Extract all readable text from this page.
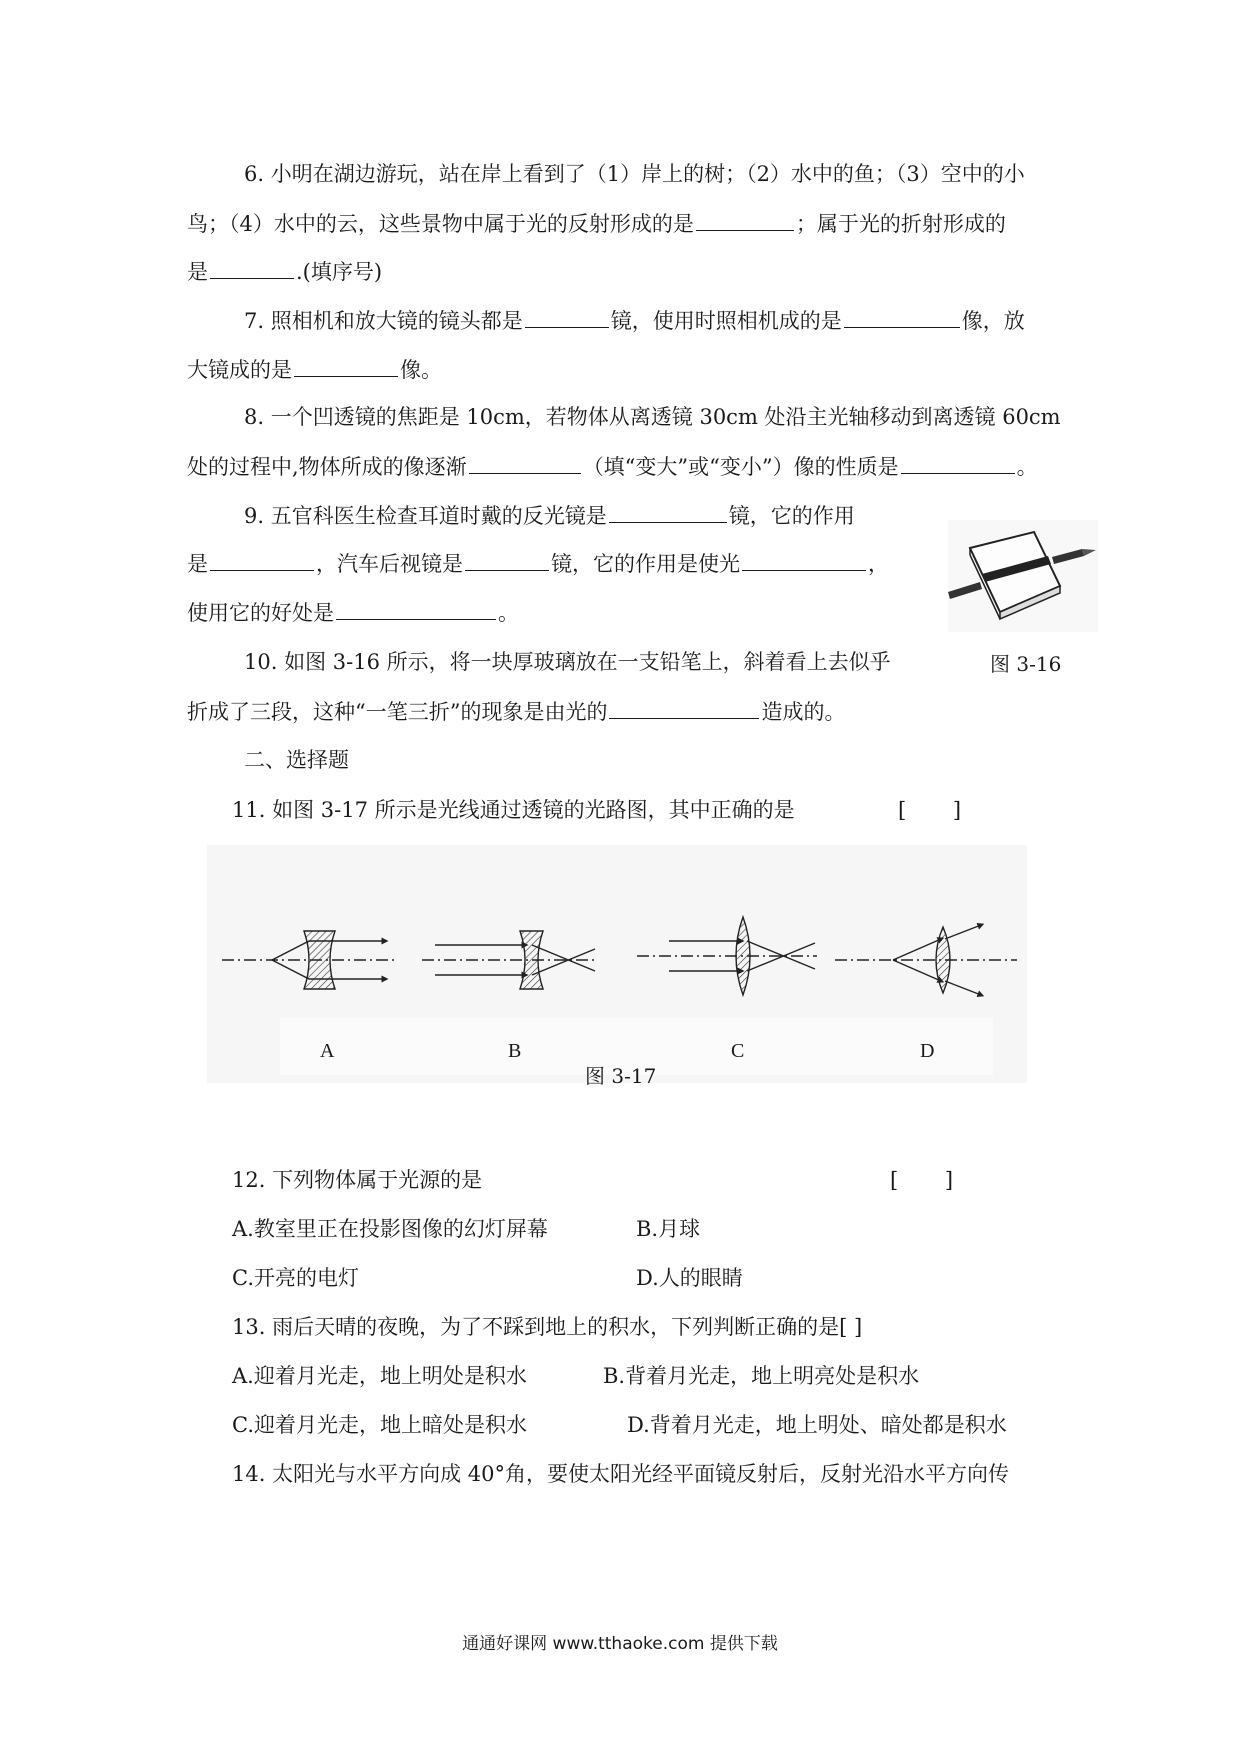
6. 小明在湖边游玩，站在岸上看到了（1）岸上的树；（2）水中的鱼；（3）空中的小
鸟；（4）水中的云，这些景物中属于光的反射形成的是	；属于光的折射形成的
是	.(填序号)
7. 照相机和放大镜的镜头都是	镜，使用时照相机成的是	像，放
大镜成的是	像。
8. 一个凹透镜的焦距是 10cm，若物体从离透镜 30cm 处沿主光轴移动到离透镜 60cm
处的过程中,物体所成的像逐渐	（填“变大”或“变小”）像的性质是	。
9. 五官科医生检查耳道时戴的反光镜是	镜，它的作用
是	，汽车后视镜是	镜，它的作用是使光	，
使用它的好处是	。
图 3-16
10. 如图 3-16 所示，将一块厚玻璃放在一支铅笔上，斜着看上去似乎
折成了三段，这种“一笔三折”的现象是由光的	造成的。
二、选择题
11. 如图 3-17 所示是光线通过透镜的光路图，其中正确的是	[       ]
A	B	C	D
图 3-17
12. 下列物体属于光源的是	[       ]
A.教室里正在投影图像的幻灯屏幕	B.月球
C.开亮的电灯	D.人的眼睛
13. 雨后天晴的夜晚，为了不踩到地上的积水，下列判断正确的是[ ]
A.迎着月光走，地上明处是积水	B.背着月光走，地上明亮处是积水
C.迎着月光走，地上暗处是积水	D.背着月光走，地上明处、暗处都是积水
14. 太阳光与水平方向成 40°角，要使太阳光经平面镜反射后，反射光沿水平方向传
通通好课网 www.tthaoke.com 提供下载
